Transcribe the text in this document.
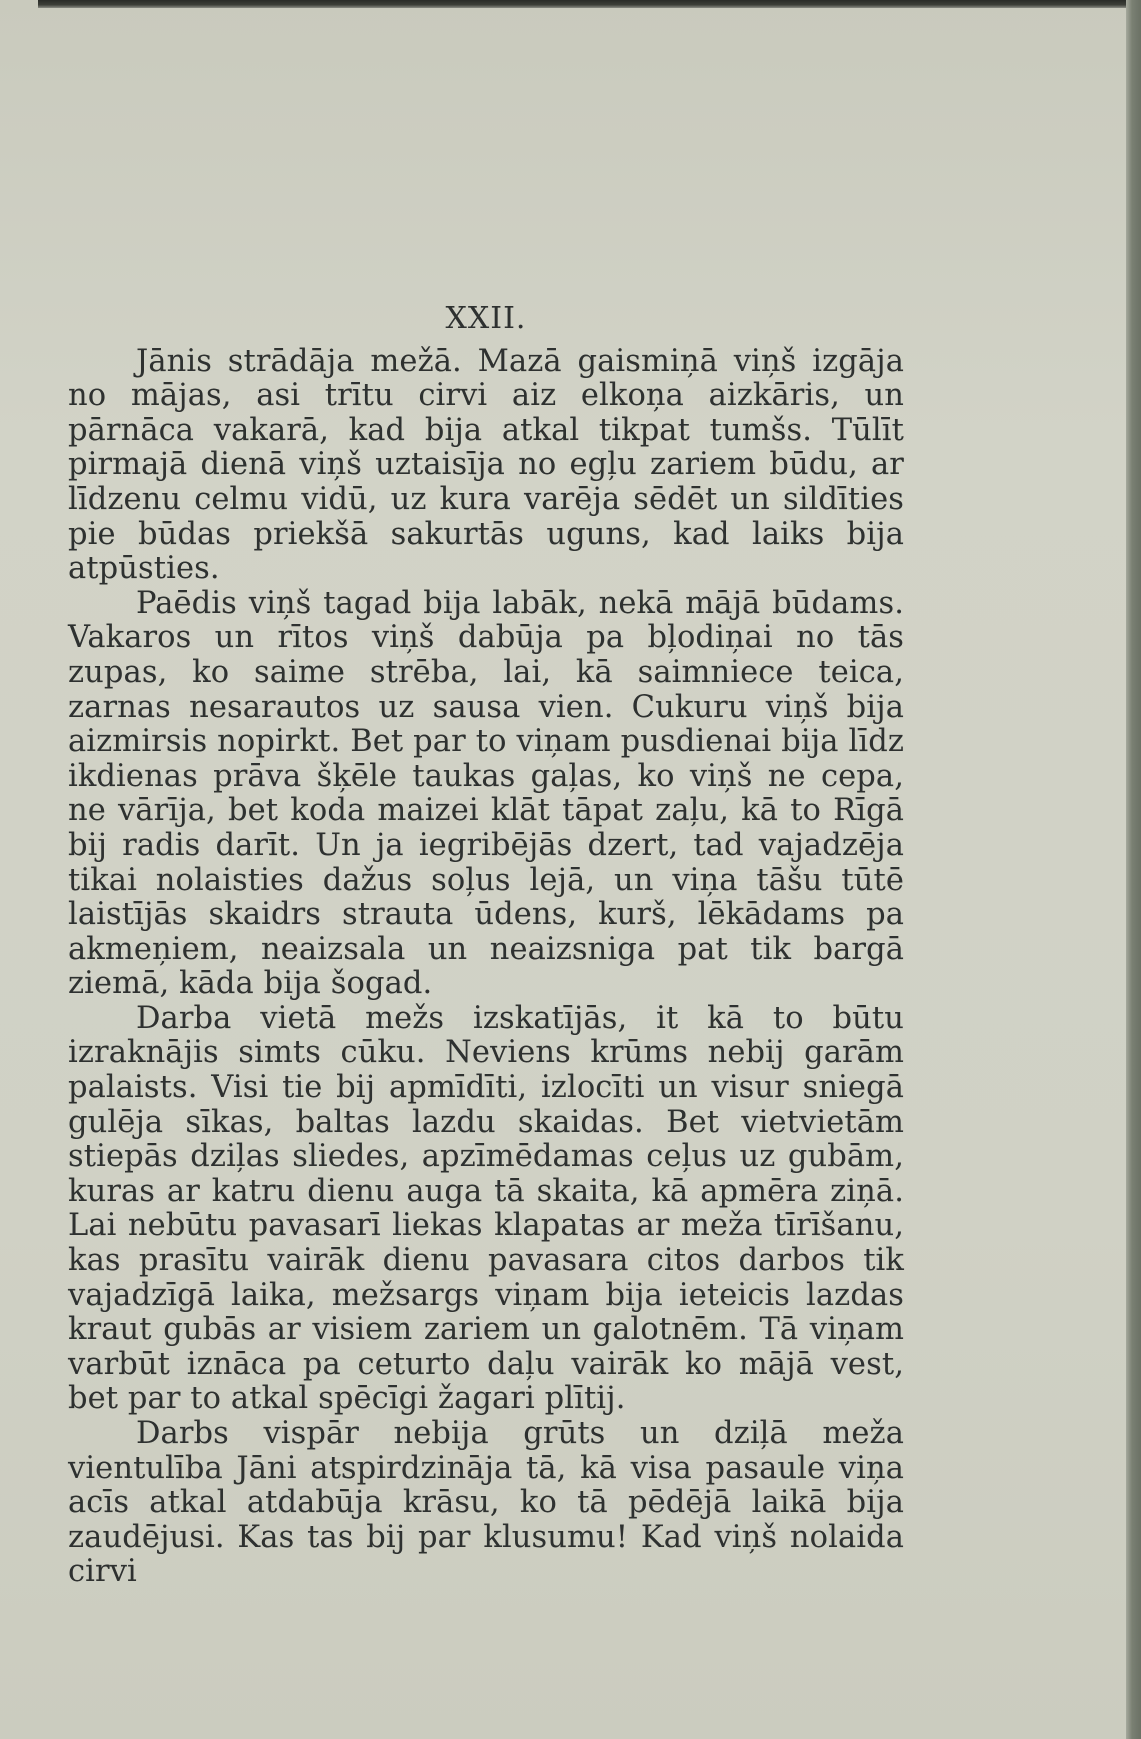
XXII.

Jānis strādāja mežā. Mazā gaismiņā viņš izgāja no mājas, asi trītu cirvi aiz elkoņa aizkāris, un pārnāca vakarā, kad bija atkal tikpat tumšs. Tūlīt pirmajā dienā viņš uztaisīja no egļu zariem būdu, ar līdzenu celmu vidū, uz kura varēja sēdēt un sildīties pie būdas priekšā sakurtās uguns, kad laiks bija atpūsties.

Paēdis viņš tagad bija labāk, nekā mājā būdams. Vakaros un rītos viņš dabūja pa bļodiņai no tās zupas, ko saime strēba, lai, kā saimniece teica, zarnas nesarautos uz sausa vien. Cukuru viņš bija aizmirsis nopirkt. Bet par to viņam pusdienai bija līdz ikdienas prāva šķēle taukas gaļas, ko viņš ne cepa, ne vārīja, bet koda maizei klāt tāpat zaļu, kā to Rīgā bij radis darīt. Un ja iegribējās dzert, tad vajadzēja tikai nolaisties dažus soļus lejā, un viņa tāšu tūtē laistījās skaidrs strauta ūdens, kurš, lēkādams pa akmeņiem, neaizsala un neaizsniga pat tik bargā ziemā, kāda bija šogad.

Darba vietā mežs izskatījās, it kā to būtu izraknājis simts cūku. Neviens krūms nebij garām palaists. Visi tie bij apmīdīti, izlocīti un visur sniegā gulēja sīkas, baltas lazdu skaidas. Bet vietvietām stiepās dziļas sliedes, apzīmēdamas ceļus uz gubām, kuras ar katru dienu auga tā skaita, kā apmēra ziņā. Lai nebūtu pavasarī liekas klapatas ar meža tīrīšanu, kas prasītu vairāk dienu pavasara citos darbos tik vajadzīgā laika, mežsargs viņam bija ieteicis lazdas kraut gubās ar visiem zariem un galotnēm. Tā viņam varbūt iznāca pa ceturto daļu vairāk ko mājā vest, bet par to atkal spēcīgi žagari plītij.

Darbs vispār nebija grūts un dziļā meža vientulība Jāni atspirdzināja tā, kā visa pasaule viņa acīs atkal atdabūja krāsu, ko tā pēdējā laikā bija zaudējusi. Kas tas bij par klusumu! Kad viņš nolaida cirvi
